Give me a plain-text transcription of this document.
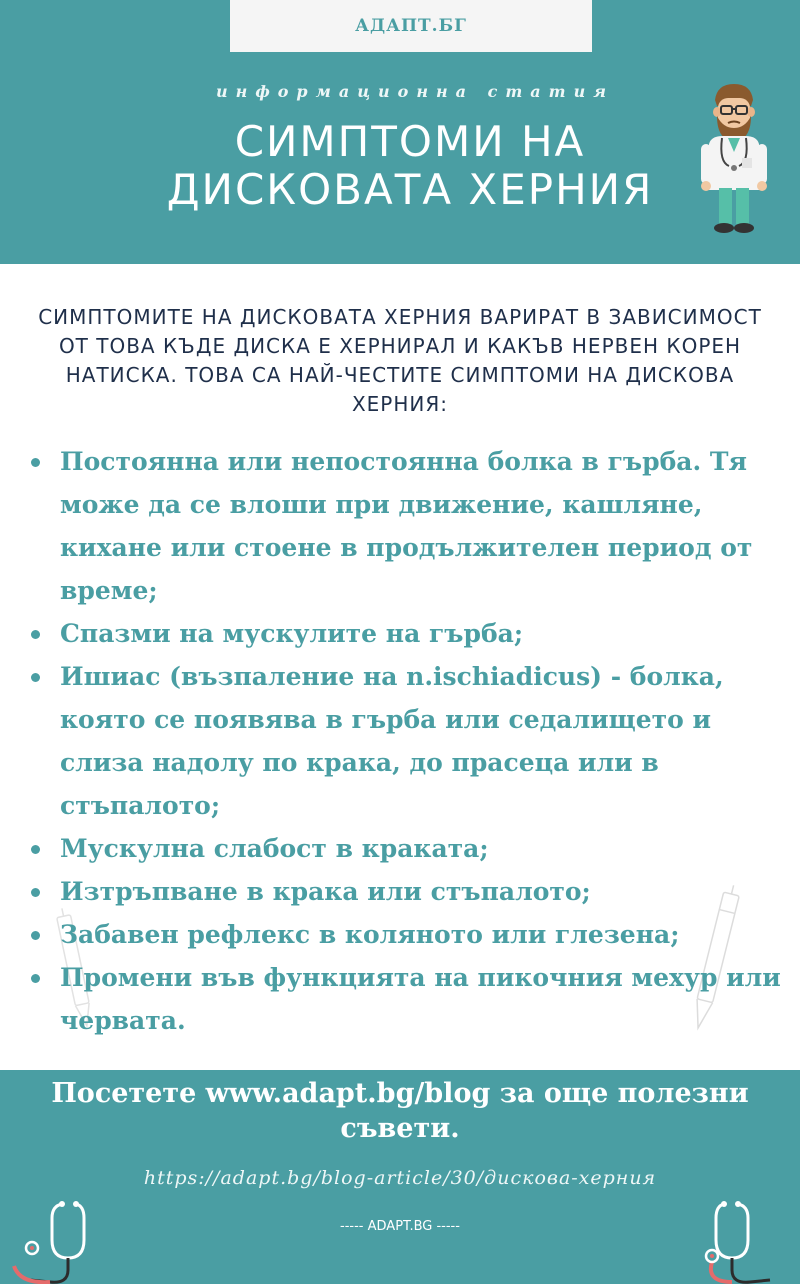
АДАПТ.БГ
информационна статия
СИМПТОМИ НА ДИСКОВАТА ХЕРНИЯ

СИМПТОМИТЕ НА ДИСКОВАТА ХЕРНИЯ ВАРИРАТ В ЗАВИСИМОСТ ОТ ТОВА КЪДЕ ДИСКА Е ХЕРНИРАЛ И КАКЪВ НЕРВЕН КОРЕН НАТИСКА. ТОВА СА НАЙ-ЧЕСТИТЕ СИМПТОМИ НА ДИСКОВА ХЕРНИЯ:

Постоянна или непостоянна болка в гърба. Тя може да се влоши при движение, кашляне, кихане или стоене в продължителен период от време;
Спазми на мускулите на гърба;
Ишиас (възпаление на n.ischiadicus) - болка, която се появява в гърба или седалището и слиза надолу по крака, до прасеца или в стъпалото;
Мускулна слабост в краката;
Изтръпване в крака или стъпалото;
Забавен рефлекс в коляното или глезена;
Промени във функцията на пикочния мехур или червата.

Посетете www.adapt.bg/blog за още полезни съвети.

https://adapt.bg/blog-article/30/дискова-херния
----- ADAPT.BG -----
